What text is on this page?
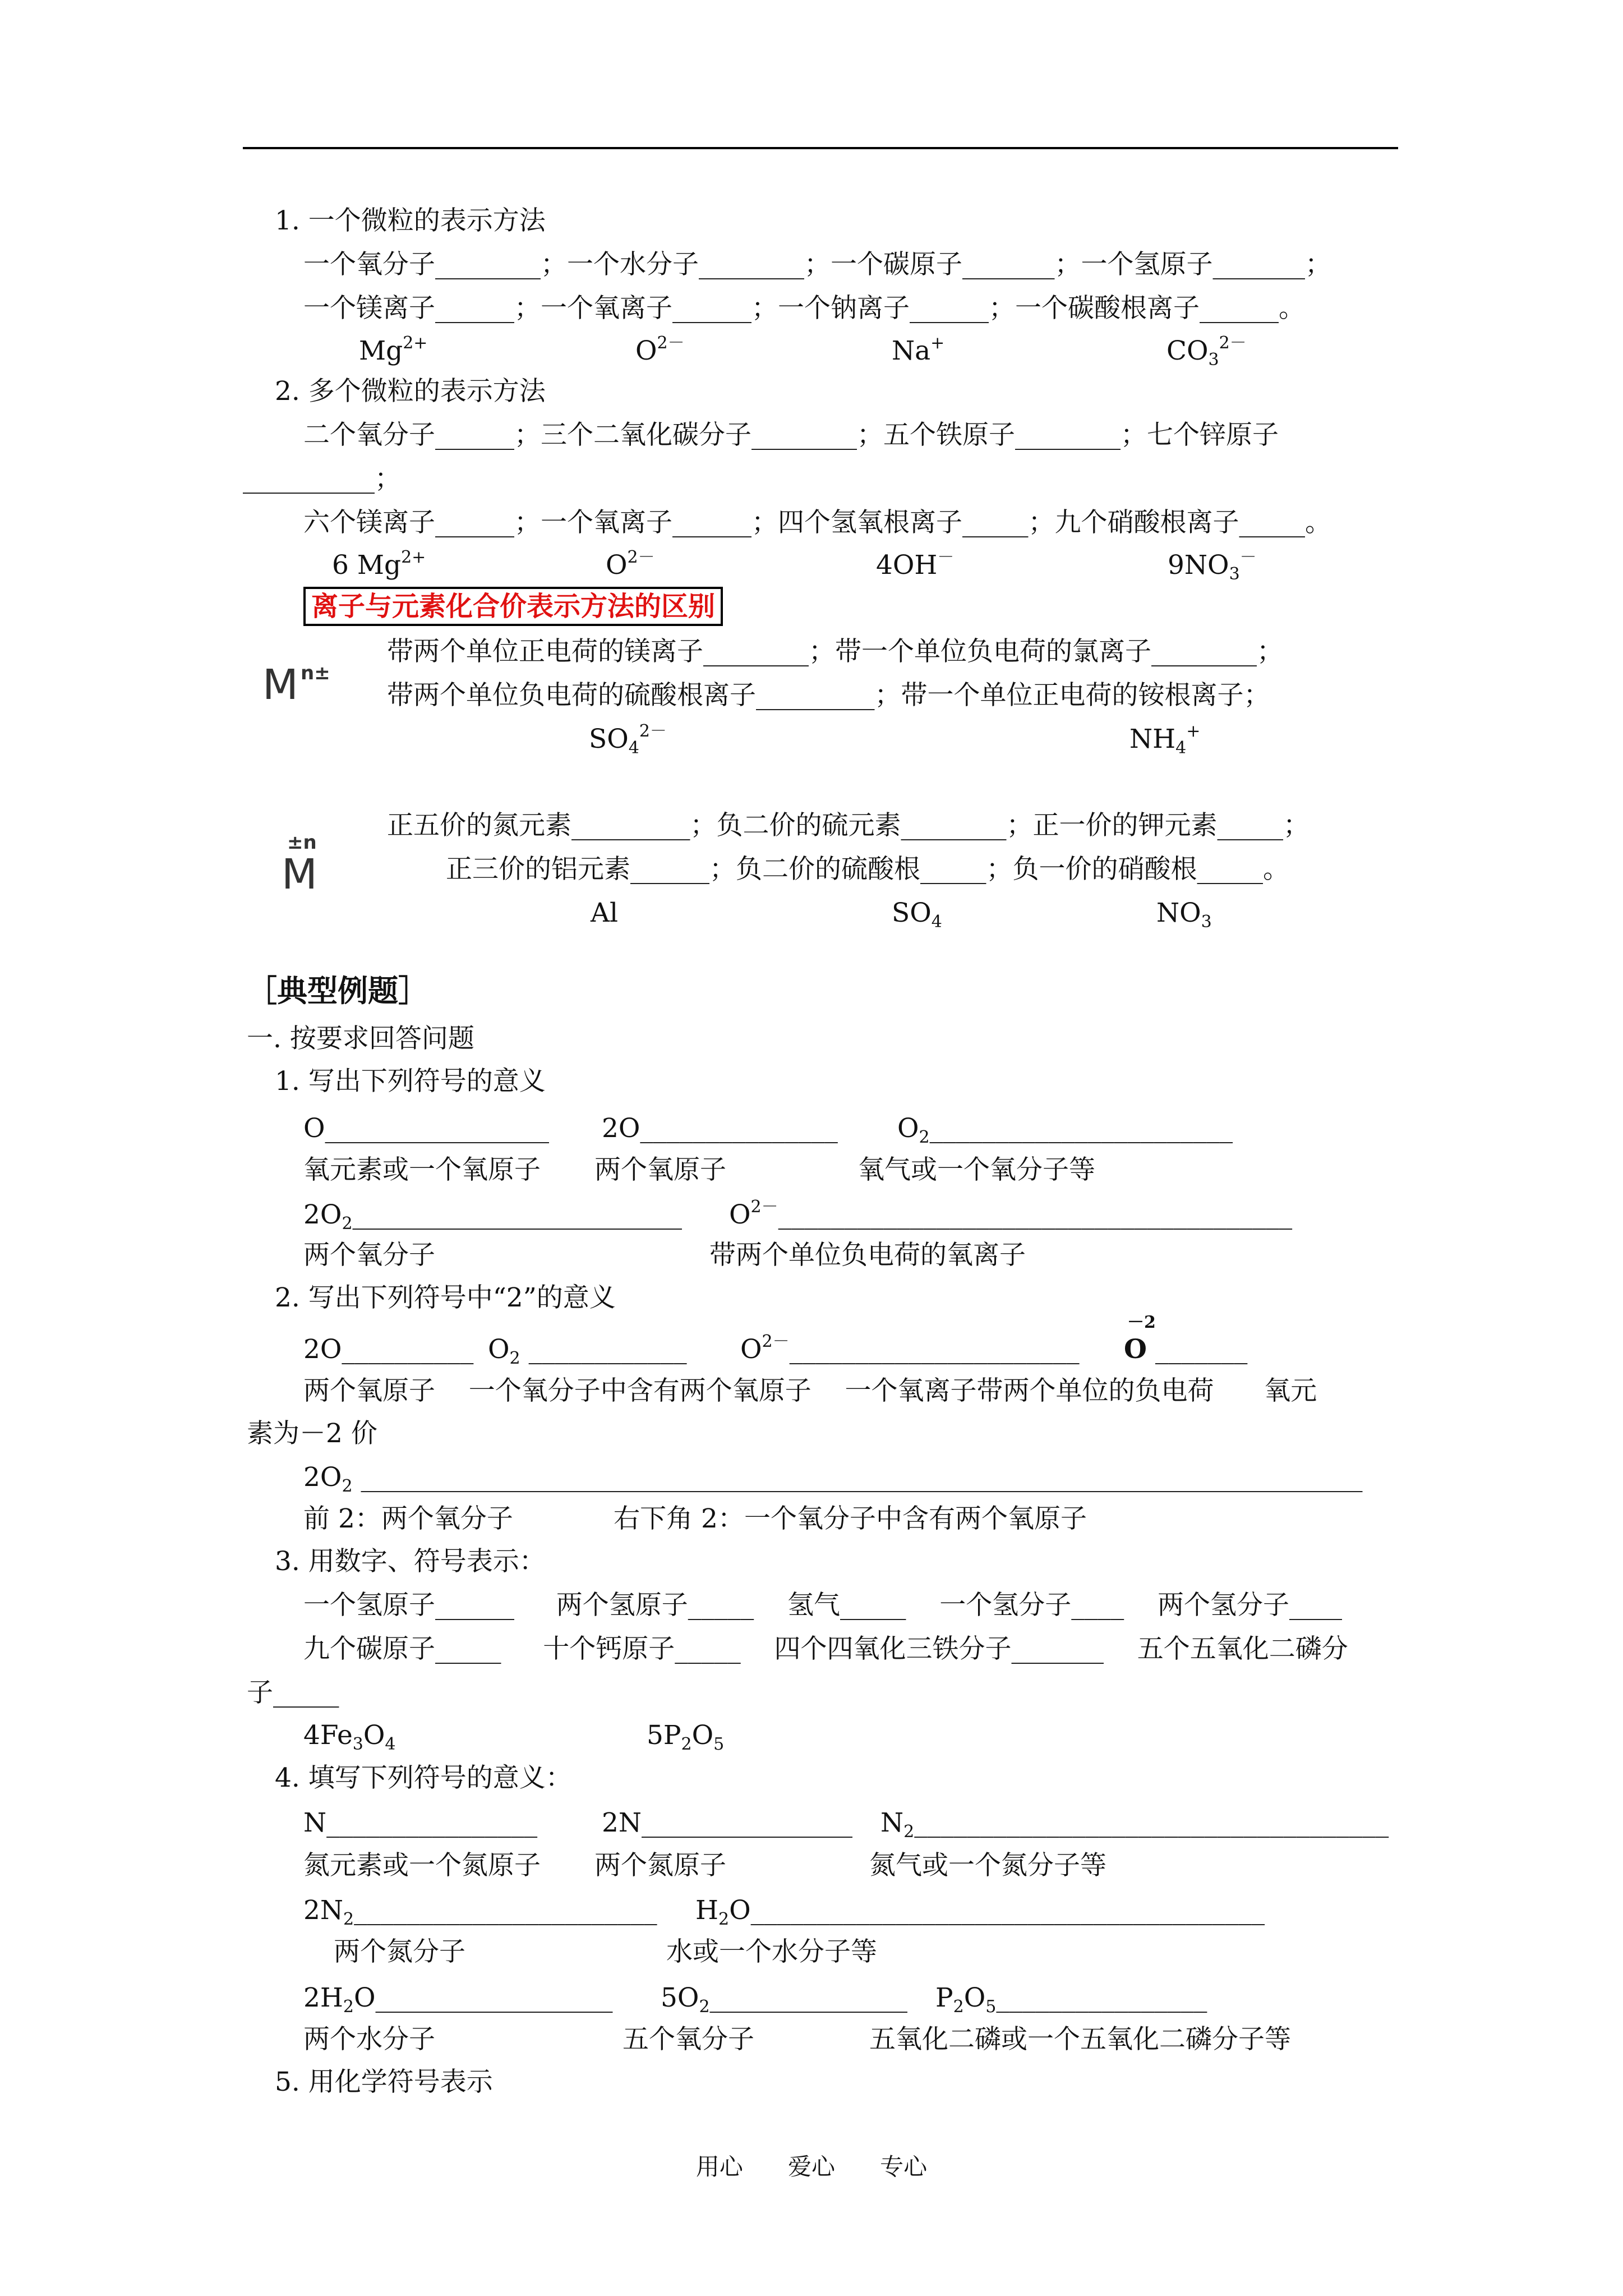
1. 一个微粒的表示方法
一个氧分子________；一个水分子________；一个碳原子_______；一个氢原子_______；
一个镁离子______；一个氧离子______；一个钠离子______；一个碳酸根离子______。
$Mg^{2+}$	$O^{2-}$	Na+	$CO_3^{2-}$
2. 多个微粒的表示方法
二个氧分子______；三个二氧化碳分子________；五个铁原子________；七个锌原子
__________；
六个镁离子______；一个氧离子______；四个氢氧根离子_____；九个硝酸根离子_____。
6 $Mg^{2+}$	$O^{2-}$	4OH－	$9NO_3^-$
离子与元素化合价表示方法的区别
M n±
带两个单位正电荷的镁离子________；带一个单位负电荷的氯离子________；
带两个单位负电荷的硫酸根离子_________；带一个单位正电荷的铵根离子；
$SO_4^{2-}$	$NH_4^+$
±n
M
正五价的氮元素_________；负二价的硫元素________；正一价的钾元素_____；
正三价的铝元素______；负二价的硫酸根_____；负一价的硝酸根_____。
Al	$SO_4$	$NO_3$
［典型例题］
一. 按要求回答问题
1. 写出下列符号的意义
O_________________ 2O_______________ $O_2\_\_\_\_\_\_\_\_\_\_\_\_\_\_\_\_\_\_\_\_\_\_\_$
氧元素或一个氧原子 两个氧原子	氧气或一个氧分子等
$2O_2\_\_\_\_\_\_\_\_\_\_\_\_\_\_\_\_\_\_\_\_\_\_\_\_\_$ $O^{2-}\_\_\_\_\_\_\_\_\_\_\_\_\_\_\_\_\_\_\_\_\_\_\_\_\_\_\_\_\_\_\_\_\_\_\_\_\_\_\_$
两个氧分子	带两个单位负电荷的氧离子
2. 写出下列符号中“2”的意义
2O__________ $O_2$ ____________ $O^{2-}\_\_\_\_\_\_\_\_\_\_\_\_\_\_\_\_\_\_\_\_\_\_$
－2
O _______
两个氧原子    一个氧分子中含有两个氧原子    一个氧离子带两个单位的负电荷      氧元
素为－2 价
$2O_2$ ____________________________________________________________________________
前 2：两个氧分子            右下角 2：一个氧分子中含有两个氧原子
3. 用数字、符号表示：
一个氢原子______     两个氢原子_____    氢气_____    一个氢分子____    两个氢分子____
九个碳原子_____     十个钙原子_____    四个四氧化三铁分子_______    五个五氧化二磷分
子_____
$4Fe_3O_4$	$5P_2O_5$
4. 填写下列符号的意义：
N________________ 2N________________ $N_2\_\_\_\_\_\_\_\_\_\_\_\_\_\_\_\_\_\_\_\_\_\_\_\_\_\_\_\_\_\_\_\_\_\_\_\_$
氮元素或一个氮原子 两个氮原子	氮气或一个氮分子等
$2N_2\_\_\_\_\_\_\_\_\_\_\_\_\_\_\_\_\_\_\_\_\_\_\_$ $H_2O\_\_\_\_\_\_\_\_\_\_\_\_\_\_\_\_\_\_\_\_\_\_\_\_\_\_\_\_\_\_\_\_\_\_\_\_\_\_\_$
两个氮分子	水或一个水分子等
$2H_2O\_\_\_\_\_\_\_\_\_\_\_\_\_\_\_\_\_\_$ $5O_2\_\_\_\_\_\_\_\_\_\_\_\_\_\_\_$ $P_2O_5\_\_\_\_\_\_\_\_\_\_\_\_\_\_\_\_$
两个水分子	五个氧分子	五氧化二磷或一个五氧化二磷分子等
5. 用化学符号表示
用心      爱心      专心
